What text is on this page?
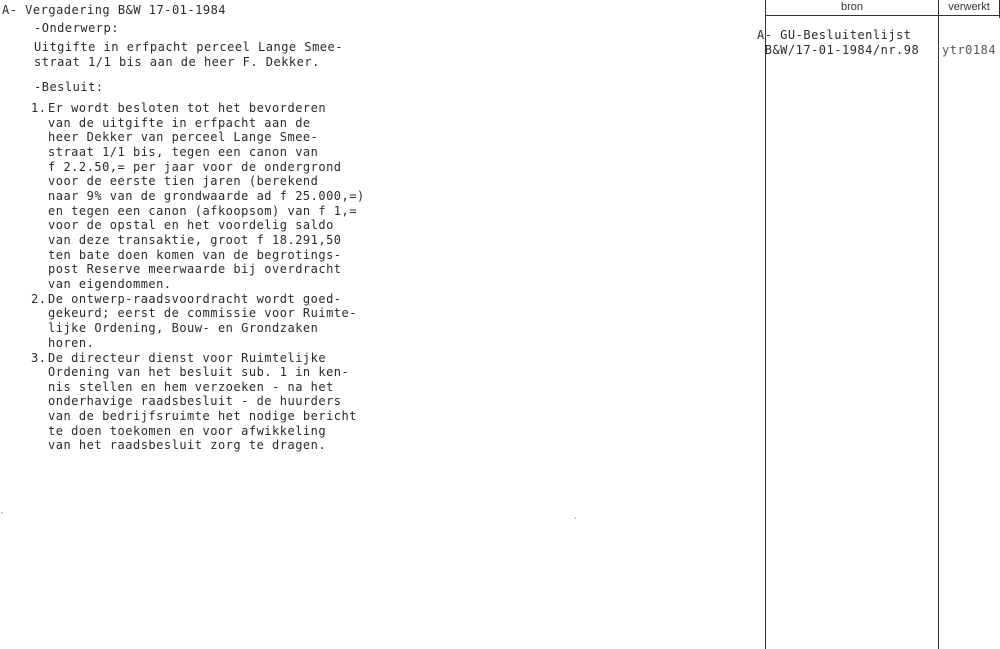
A- Vergadering B&W 17-01-1984
-Onderwerp:
Uitgifte in erfpacht perceel Lange Smee-
straat 1/1 bis aan de heer F. Dekker.
-Besluit:
1. Er wordt besloten tot het bevorderen
van de uitgifte in erfpacht aan de
heer Dekker van perceel Lange Smee-
straat 1/1 bis, tegen een canon van
f 2.2.50,= per jaar voor de ondergrond
voor de eerste tien jaren (berekend
naar 9% van de grondwaarde ad f 25.000,=)
en tegen een canon (afkoopsom) van f 1,=
voor de opstal en het voordelig saldo
van deze transaktie, groot f 18.291,50
ten bate doen komen van de begrotings-
post Reserve meerwaarde bij overdracht
van eigendommen.
2. De ontwerp-raadsvoordracht wordt goed-
gekeurd; eerst de commissie voor Ruimte-
lijke Ordening, Bouw- en Grondzaken
horen.
3. De directeur dienst voor Ruimtelijke
Ordening van het besluit sub. 1 in ken-
nis stellen en hem verzoeken - na het
onderhavige raadsbesluit - de huurders
van de bedrijfsruimte het nodige bericht
te doen toekomen en voor afwikkeling
van het raadsbesluit zorg te dragen.
bron	verwerkt
A- GU-Besluitenlijst
B&W/17-01-1984/nr.98 ytr0184
